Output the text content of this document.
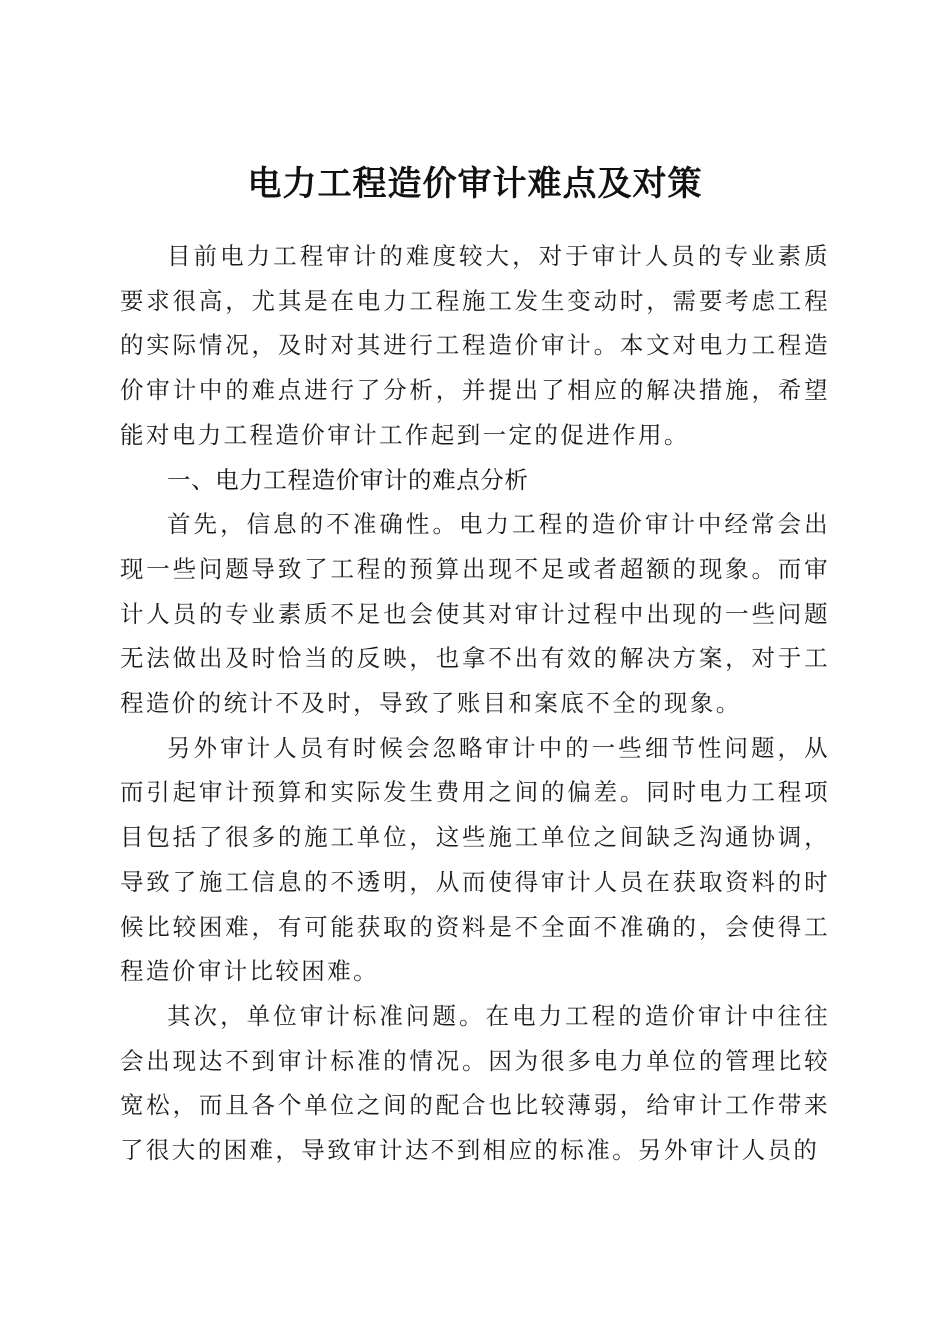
电力工程造价审计难点及对策

目前电力工程审计的难度较大，对于审计人员的专业素质要求很高，尤其是在电力工程施工发生变动时，需要考虑工程的实际情况，及时对其进行工程造价审计。本文对电力工程造价审计中的难点进行了分析，并提出了相应的解决措施，希望能对电力工程造价审计工作起到一定的促进作用。

一、电力工程造价审计的难点分析

首先，信息的不准确性。电力工程的造价审计中经常会出现一些问题导致了工程的预算出现不足或者超额的现象。而审计人员的专业素质不足也会使其对审计过程中出现的一些问题无法做出及时恰当的反映，也拿不出有效的解决方案，对于工程造价的统计不及时，导致了账目和案底不全的现象。

另外审计人员有时候会忽略审计中的一些细节性问题，从而引起审计预算和实际发生费用之间的偏差。同时电力工程项目包括了很多的施工单位，这些施工单位之间缺乏沟通协调，导致了施工信息的不透明，从而使得审计人员在获取资料的时候比较困难，有可能获取的资料是不全面不准确的，会使得工程造价审计比较困难。

其次，单位审计标准问题。在电力工程的造价审计中往往会出现达不到审计标准的情况。因为很多电力单位的管理比较宽松，而且各个单位之间的配合也比较薄弱，给审计工作带来了很大的困难，导致审计达不到相应的标准。另外审计人员的
